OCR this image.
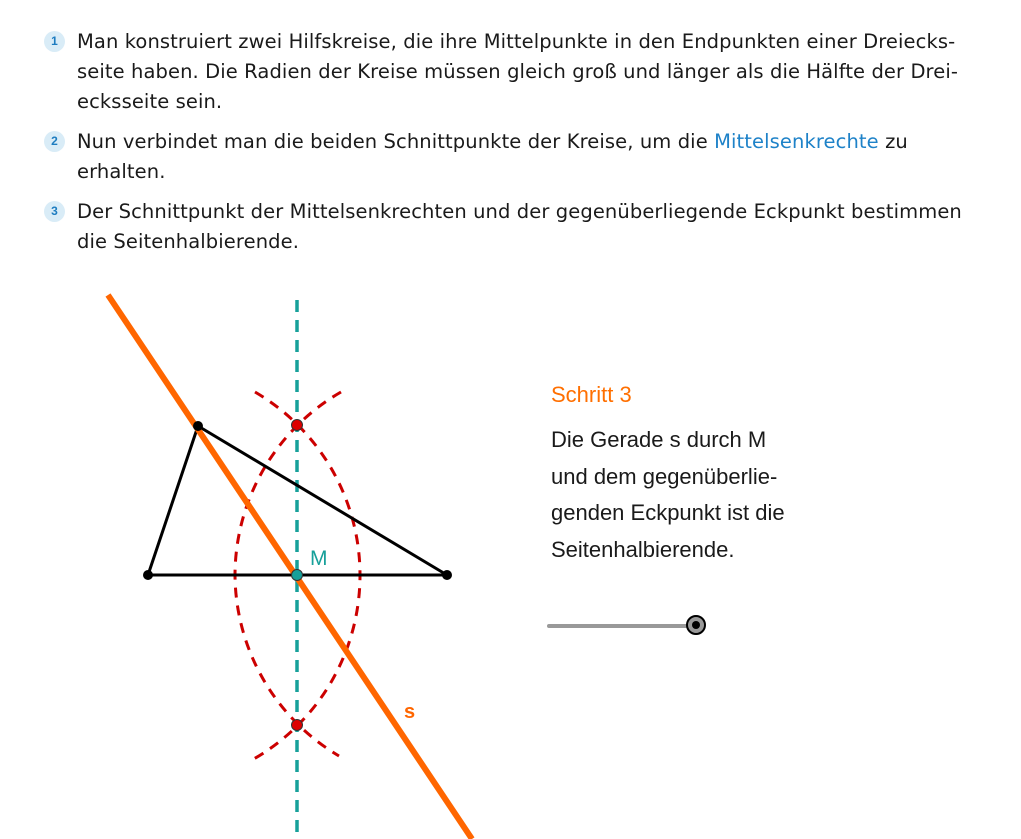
1 Man konstruiert zwei Hilfskreise, die ihre Mittelpunkte in den Endpunkten einer Dreiecks-
seite haben. Die Radien der Kreise müssen gleich groß und länger als die Hälfte der Drei-
ecksseite sein.
2 Nun verbindet man die beiden Schnittpunkte der Kreise, um die Mittelsenkrechte zu
erhalten.
3 Der Schnittpunkt der Mittelsenkrechten und der gegenüberliegende Eckpunkt bestimmen
die Seitenhalbierende.
M
s
Schritt 3
Die Gerade s durch M
und dem gegenüberlie-
genden Eckpunkt ist die
Seitenhalbierende.
